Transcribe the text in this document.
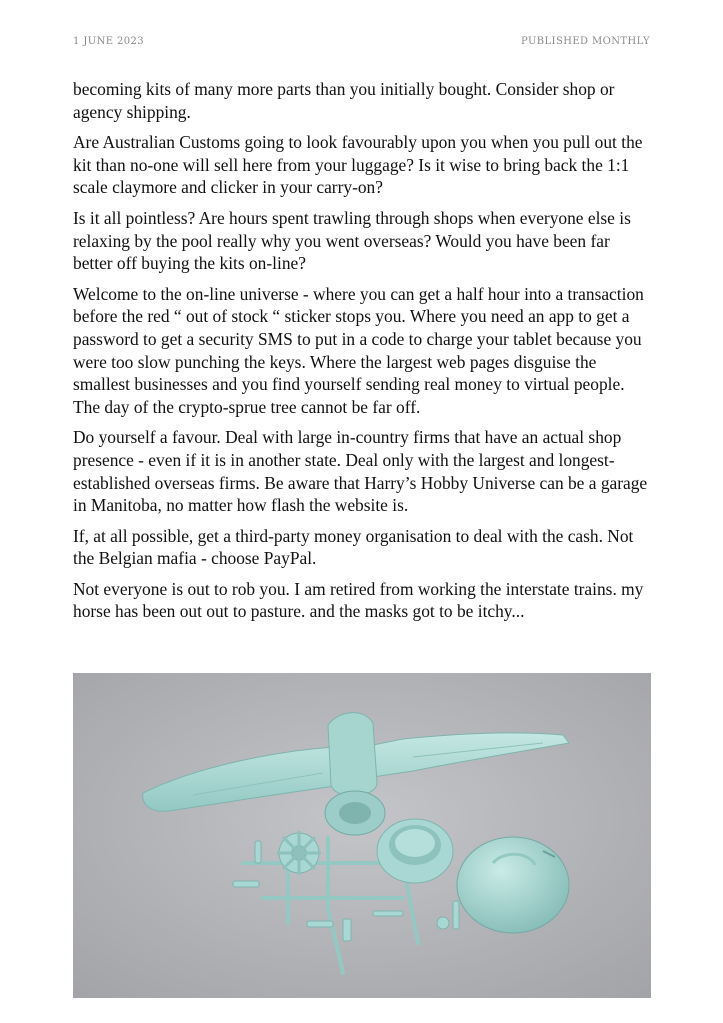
1 JUNE 2023	PUBLISHED MONTHLY

becoming kits of many more parts than you initially bought. Consider shop or agency shipping.

Are Australian Customs going to look favourably upon you when you pull out the kit than no-one will sell here from your luggage? Is it wise to bring back the 1:1 scale claymore and clicker in your carry-on?

Is it all pointless? Are hours spent trawling through shops when everyone else is relaxing by the pool really why you went overseas? Would you have been far better off buying the kits on-line?

Welcome to the on-line universe - where you can get a half hour into a transaction before the red “ out of stock “ sticker stops you. Where you need an app to get a password to get a security SMS to put in a code to charge your tablet because you were too slow punching the keys. Where the largest web pages disguise the smallest businesses and you find yourself sending real money to virtual people. The day of the crypto-sprue tree cannot be far off.

Do yourself a favour. Deal with large in-country firms that have an actual shop presence - even if it is in another state. Deal only with the largest and longest-established overseas firms. Be aware that Harry’s Hobby Universe can be a garage in Manitoba, no matter how flash the website is.

If, at all possible, get a third-party money organisation to deal with the cash. Not the Belgian mafia - choose PayPal.

Not everyone is out to rob you. I am retired from working the interstate trains. my horse has been out out to pasture. and the masks got to be itchy...
